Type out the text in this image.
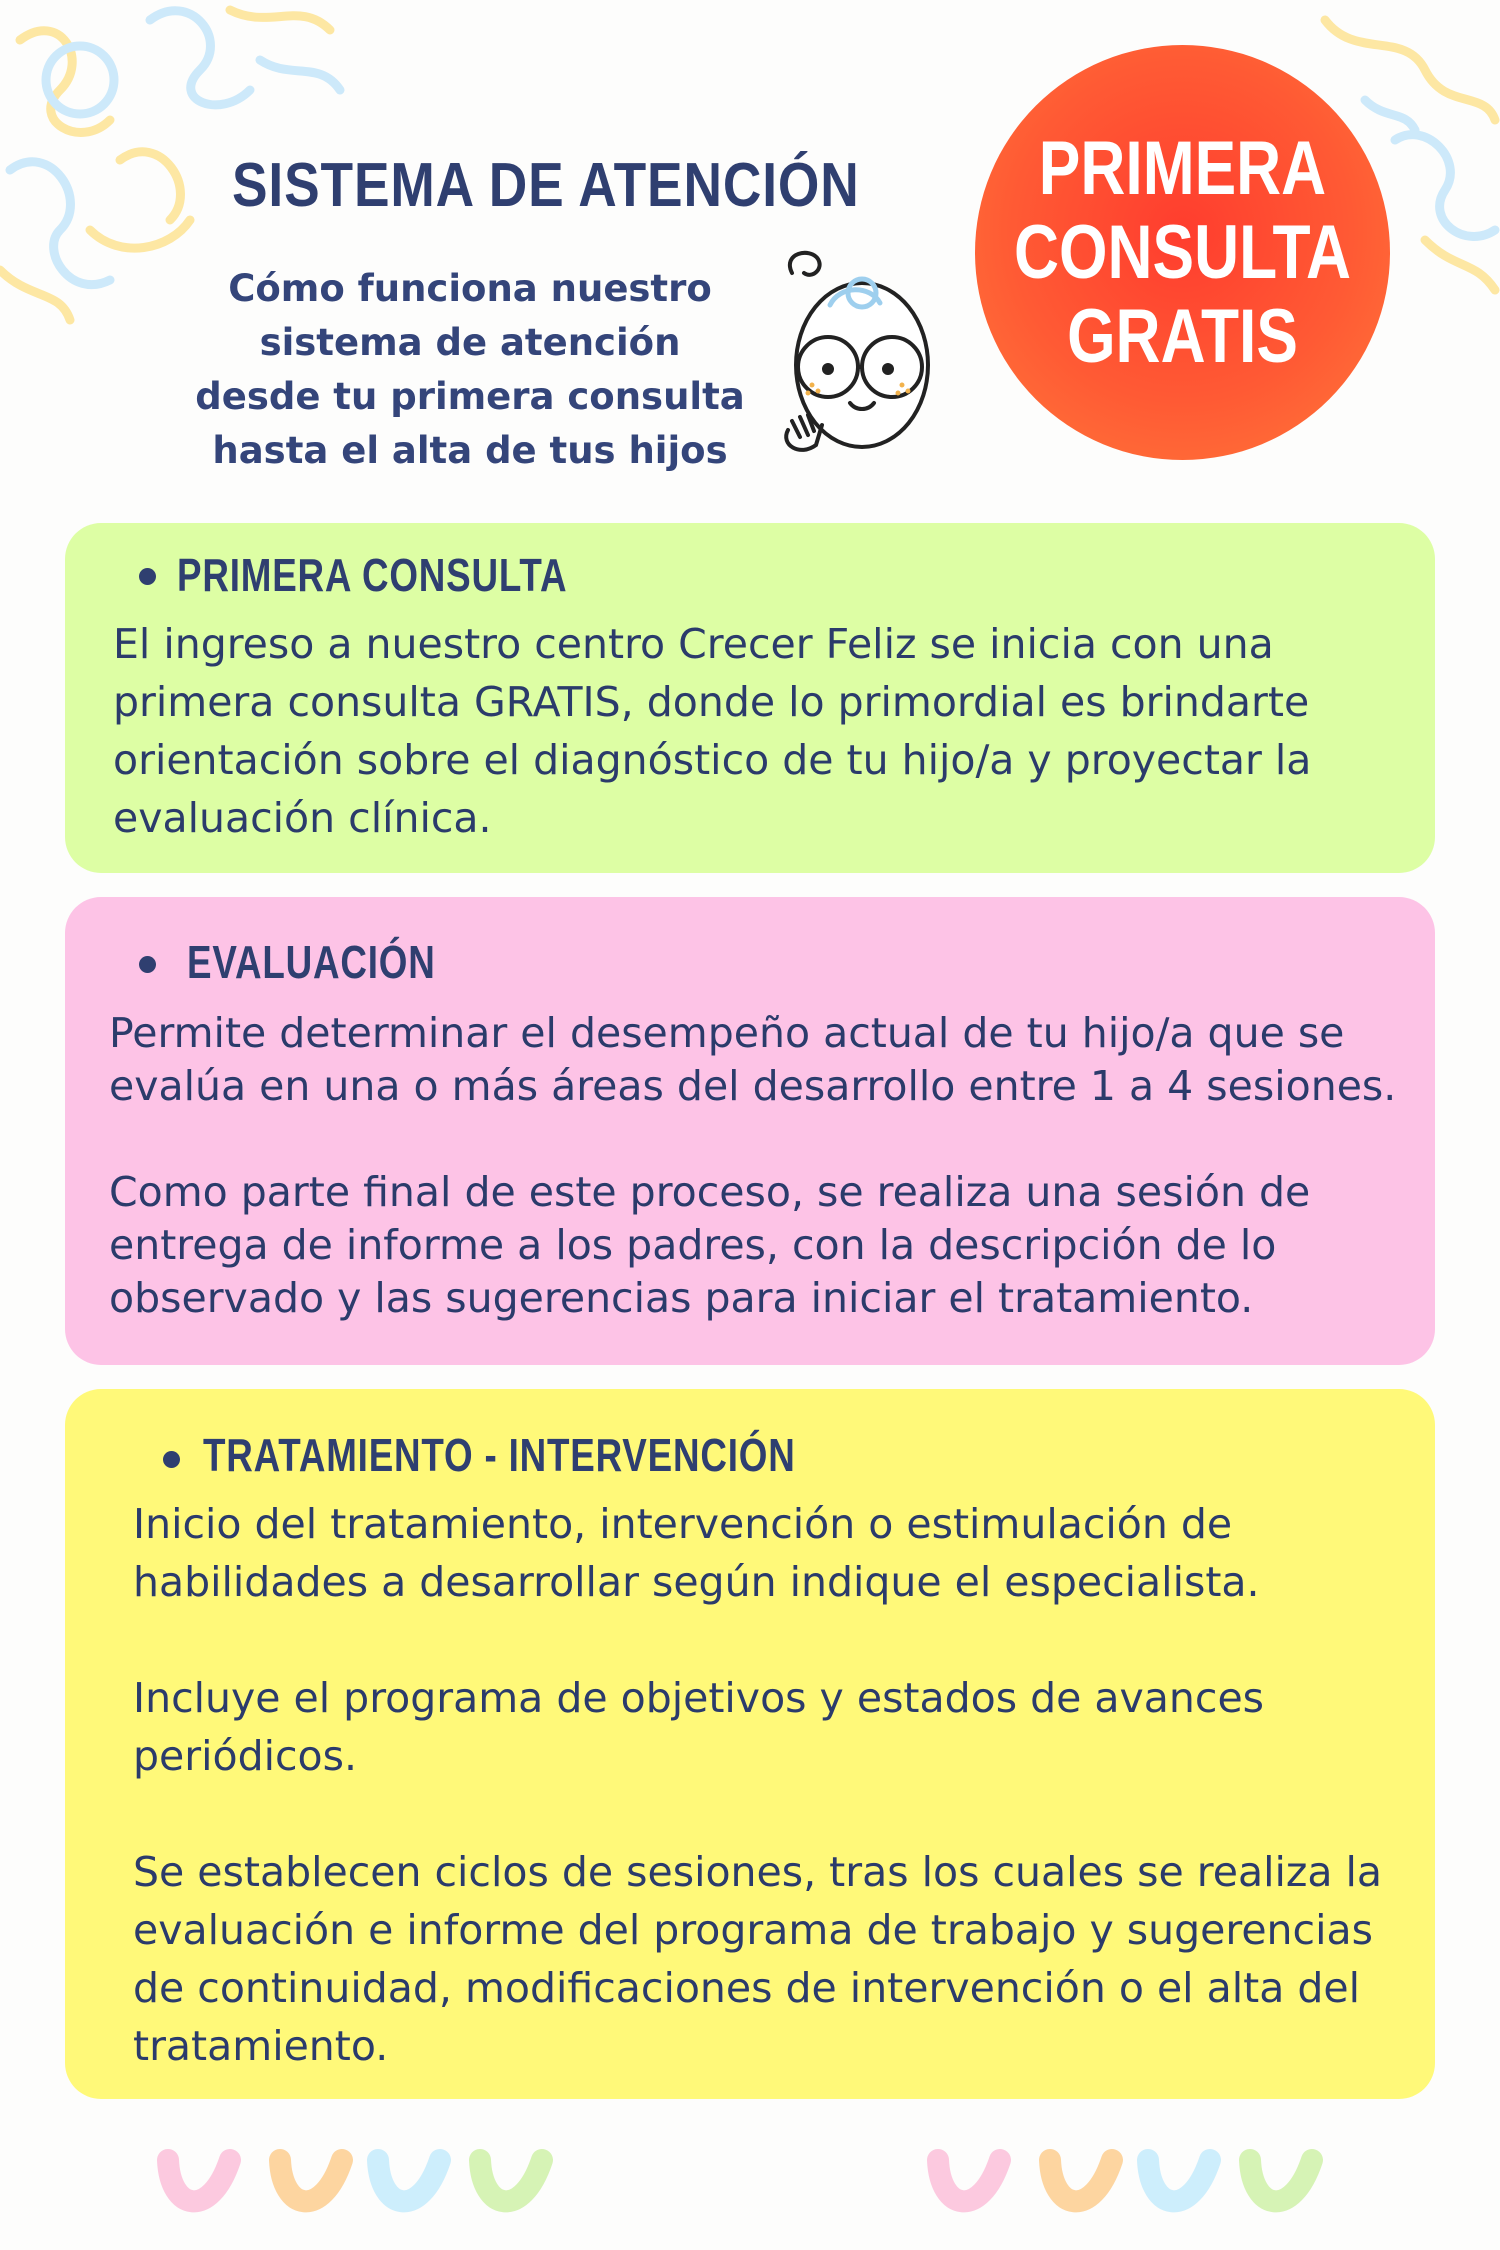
SISTEMA DE ATENCIÓN
Cómo funciona nuestro
sistema de atención
desde tu primera consulta
hasta el alta de tus hijos
PRIMERA
CONSULTA
GRATIS
PRIMERA CONSULTA

El ingreso a nuestro centro Crecer Feliz se inicia con una primera consulta GRATIS, donde lo primordial es brindarte orientación sobre el diagnóstico de tu hijo/a y proyectar la evaluación clínica.

EVALUACIÓN

Permite determinar el desempeño actual de tu hijo/a que se evalúa en una o más áreas del desarrollo entre 1 a 4 sesiones.

Como parte final de este proceso, se realiza una sesión de entrega de informe a los padres, con la descripción de lo observado y las sugerencias para iniciar el tratamiento.

TRATAMIENTO - INTERVENCIÓN

Inicio del tratamiento, intervención o estimulación de habilidades a desarrollar según indique el especialista.

Incluye el programa de objetivos y estados de avances periódicos.

Se establecen ciclos de sesiones, tras los cuales se realiza la evaluación e informe del programa de trabajo y sugerencias de continuidad, modificaciones de intervención o el alta del tratamiento.
